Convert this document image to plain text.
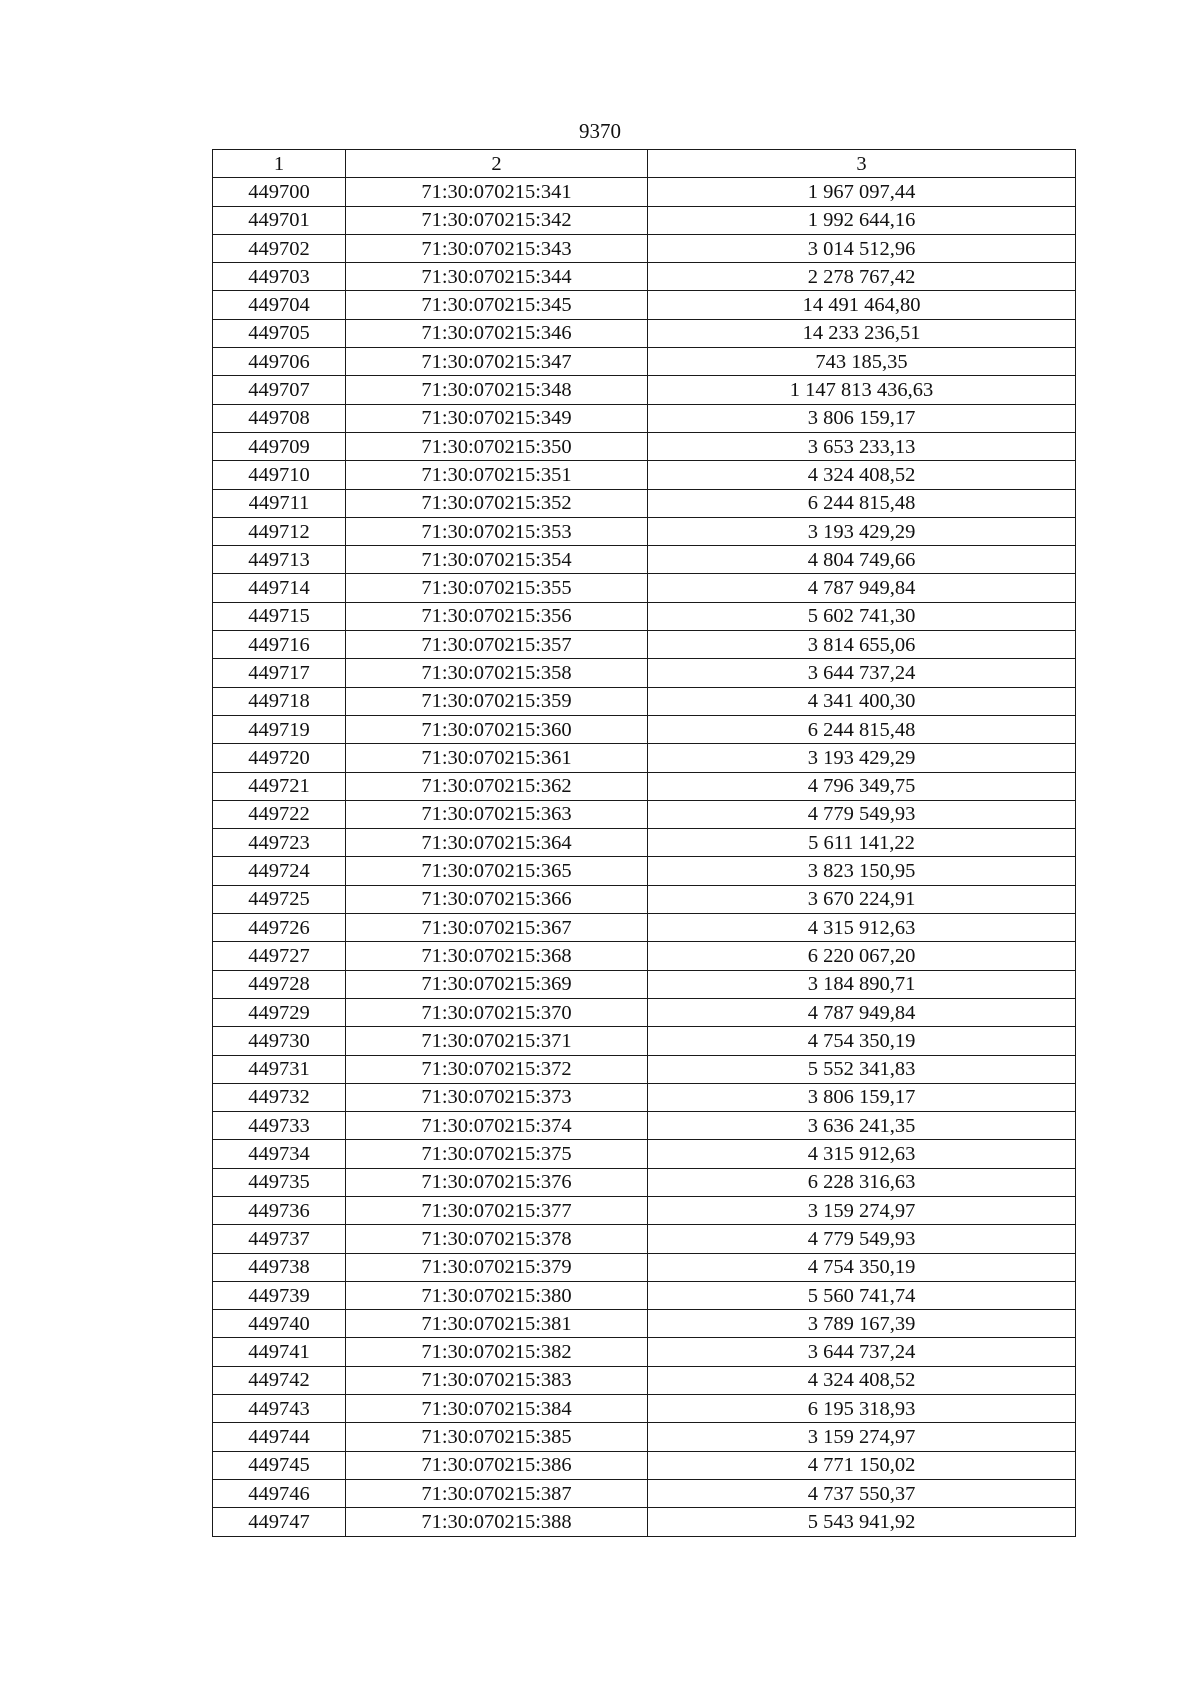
9370
1	2	3
449700	71:30:070215:341	1 967 097,44
449701	71:30:070215:342	1 992 644,16
449702	71:30:070215:343	3 014 512,96
449703	71:30:070215:344	2 278 767,42
449704	71:30:070215:345	14 491 464,80
449705	71:30:070215:346	14 233 236,51
449706	71:30:070215:347	743 185,35
449707	71:30:070215:348	1 147 813 436,63
449708	71:30:070215:349	3 806 159,17
449709	71:30:070215:350	3 653 233,13
449710	71:30:070215:351	4 324 408,52
449711	71:30:070215:352	6 244 815,48
449712	71:30:070215:353	3 193 429,29
449713	71:30:070215:354	4 804 749,66
449714	71:30:070215:355	4 787 949,84
449715	71:30:070215:356	5 602 741,30
449716	71:30:070215:357	3 814 655,06
449717	71:30:070215:358	3 644 737,24
449718	71:30:070215:359	4 341 400,30
449719	71:30:070215:360	6 244 815,48
449720	71:30:070215:361	3 193 429,29
449721	71:30:070215:362	4 796 349,75
449722	71:30:070215:363	4 779 549,93
449723	71:30:070215:364	5 611 141,22
449724	71:30:070215:365	3 823 150,95
449725	71:30:070215:366	3 670 224,91
449726	71:30:070215:367	4 315 912,63
449727	71:30:070215:368	6 220 067,20
449728	71:30:070215:369	3 184 890,71
449729	71:30:070215:370	4 787 949,84
449730	71:30:070215:371	4 754 350,19
449731	71:30:070215:372	5 552 341,83
449732	71:30:070215:373	3 806 159,17
449733	71:30:070215:374	3 636 241,35
449734	71:30:070215:375	4 315 912,63
449735	71:30:070215:376	6 228 316,63
449736	71:30:070215:377	3 159 274,97
449737	71:30:070215:378	4 779 549,93
449738	71:30:070215:379	4 754 350,19
449739	71:30:070215:380	5 560 741,74
449740	71:30:070215:381	3 789 167,39
449741	71:30:070215:382	3 644 737,24
449742	71:30:070215:383	4 324 408,52
449743	71:30:070215:384	6 195 318,93
449744	71:30:070215:385	3 159 274,97
449745	71:30:070215:386	4 771 150,02
449746	71:30:070215:387	4 737 550,37
449747	71:30:070215:388	5 543 941,92
